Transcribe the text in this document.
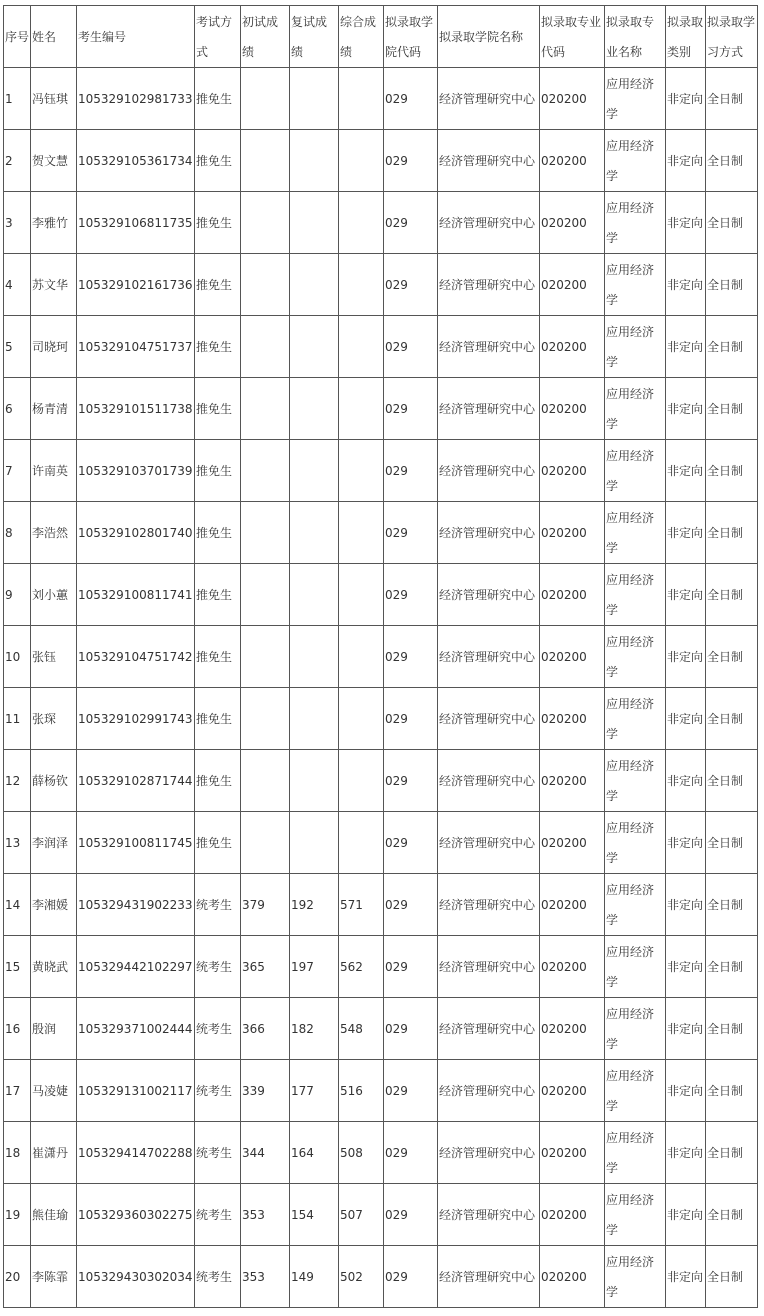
序号	姓名	考生编号	考试方式	初试成绩	复试成绩	综合成绩	拟录取学院代码	拟录取学院名称	拟录取专业代码	拟录取专业名称	拟录取类别	拟录取学习方式
1	冯钰琪	105329102981733	推免生				029	经济管理研究中心	020200	应用经济学	非定向	全日制
2	贺文慧	105329105361734	推免生				029	经济管理研究中心	020200	应用经济学	非定向	全日制
3	李雅竹	105329106811735	推免生				029	经济管理研究中心	020200	应用经济学	非定向	全日制
4	苏文华	105329102161736	推免生				029	经济管理研究中心	020200	应用经济学	非定向	全日制
5	司晓珂	105329104751737	推免生				029	经济管理研究中心	020200	应用经济学	非定向	全日制
6	杨青清	105329101511738	推免生				029	经济管理研究中心	020200	应用经济学	非定向	全日制
7	许南英	105329103701739	推免生				029	经济管理研究中心	020200	应用经济学	非定向	全日制
8	李浩然	105329102801740	推免生				029	经济管理研究中心	020200	应用经济学	非定向	全日制
9	刘小蕙	105329100811741	推免生				029	经济管理研究中心	020200	应用经济学	非定向	全日制
10	张钰	105329104751742	推免生				029	经济管理研究中心	020200	应用经济学	非定向	全日制
11	张琛	105329102991743	推免生				029	经济管理研究中心	020200	应用经济学	非定向	全日制
12	薛杨钦	105329102871744	推免生				029	经济管理研究中心	020200	应用经济学	非定向	全日制
13	李润泽	105329100811745	推免生				029	经济管理研究中心	020200	应用经济学	非定向	全日制
14	李湘媛	105329431902233	统考生	379	192	571	029	经济管理研究中心	020200	应用经济学	非定向	全日制
15	黄晓武	105329442102297	统考生	365	197	562	029	经济管理研究中心	020200	应用经济学	非定向	全日制
16	殷润	105329371002444	统考生	366	182	548	029	经济管理研究中心	020200	应用经济学	非定向	全日制
17	马凌婕	105329131002117	统考生	339	177	516	029	经济管理研究中心	020200	应用经济学	非定向	全日制
18	崔潇丹	105329414702288	统考生	344	164	508	029	经济管理研究中心	020200	应用经济学	非定向	全日制
19	熊佳瑜	105329360302275	统考生	353	154	507	029	经济管理研究中心	020200	应用经济学	非定向	全日制
20	李陈霏	105329430302034	统考生	353	149	502	029	经济管理研究中心	020200	应用经济学	非定向	全日制
